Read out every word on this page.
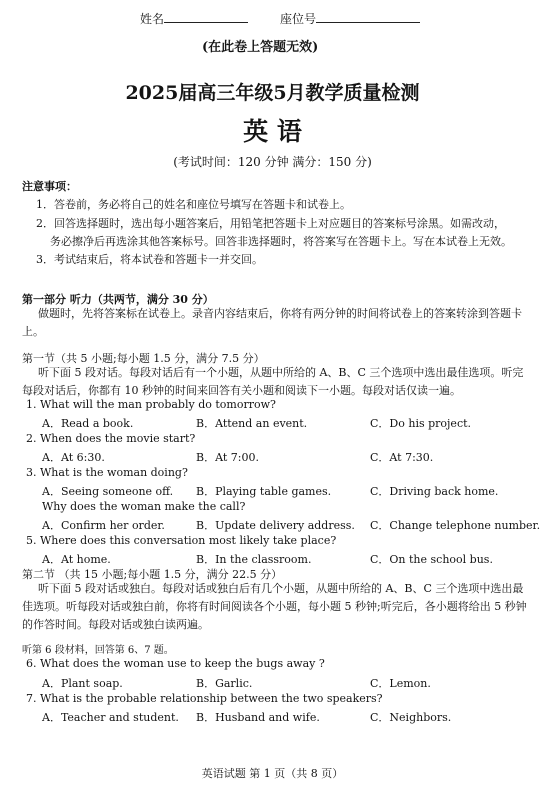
姓名	座位号
(在此卷上答题无效)
2025届高三年级5月教学质量检测
英 语
(考试时间：120 分钟 满分：150 分)
注意事项：
1．答卷前，务必将自己的姓名和座位号填写在答题卡和试卷上。
2．回答选择题时，选出每小题答案后，用铅笔把答题卡上对应题目的答案标号涂黑。如需改动，
务必擦净后再选涂其他答案标号。回答非选择题时，将答案写在答题卡上。写在本试卷上无效。
3．考试结束后，将本试卷和答题卡一并交回。
第一部分 听力（共两节，满分 30 分）
做题时，先将答案标在试卷上。录音内容结束后，你将有两分钟的时间将试卷上的答案转涂到答题卡上。
第一节（共 5 小题;每小题 1.5 分，满分 7.5 分）
听下面 5 段对话。每段对话后有一个小题，从题中所给的 A、B、C 三个选项中选出最佳选项。听完每段对话后，你都有 10 秒钟的时间来回答有关小题和阅读下一小题。每段对话仅读一遍。
1. What will the man probably do tomorrow?
A．Read a book.	B．Attend an event.	C．Do his project.
2. When does the movie start?
A．At 6:30.	B．At 7:00.	C．At 7:30.
3. What is the woman doing?
A．Seeing someone off. B．Playing table games.	C．Driving back home.
Why does the woman make the call?
A．Confirm her order.	B．Update delivery address. C．Change telephone number.
5. Where does this conversation most likely take place?
A．At home.	B．In the classroom.	C．On the school bus.
第二节 （共 15 小题;每小题 1.5 分，满分 22.5 分）
听下面 5 段对话或独白。每段对话或独白后有几个小题，从题中所给的 A、B、C 三个选项中选出最佳选项。听每段对话或独白前，你将有时间阅读各个小题，每小题 5 秒钟;听完后，各小题将给出 5 秒钟的作答时间。每段对话或独白读两遍。
听第 6 段材料，回答第 6、7 题。
6. What does the woman use to keep the bugs away ?
A．Plant soap.	B．Garlic.	C．Lemon.
7. What is the probable relationship between the two speakers?
A．Teacher and student. B．Husband and wife.	C．Neighbors.
英语试题 第 1 页（共 8 页）
